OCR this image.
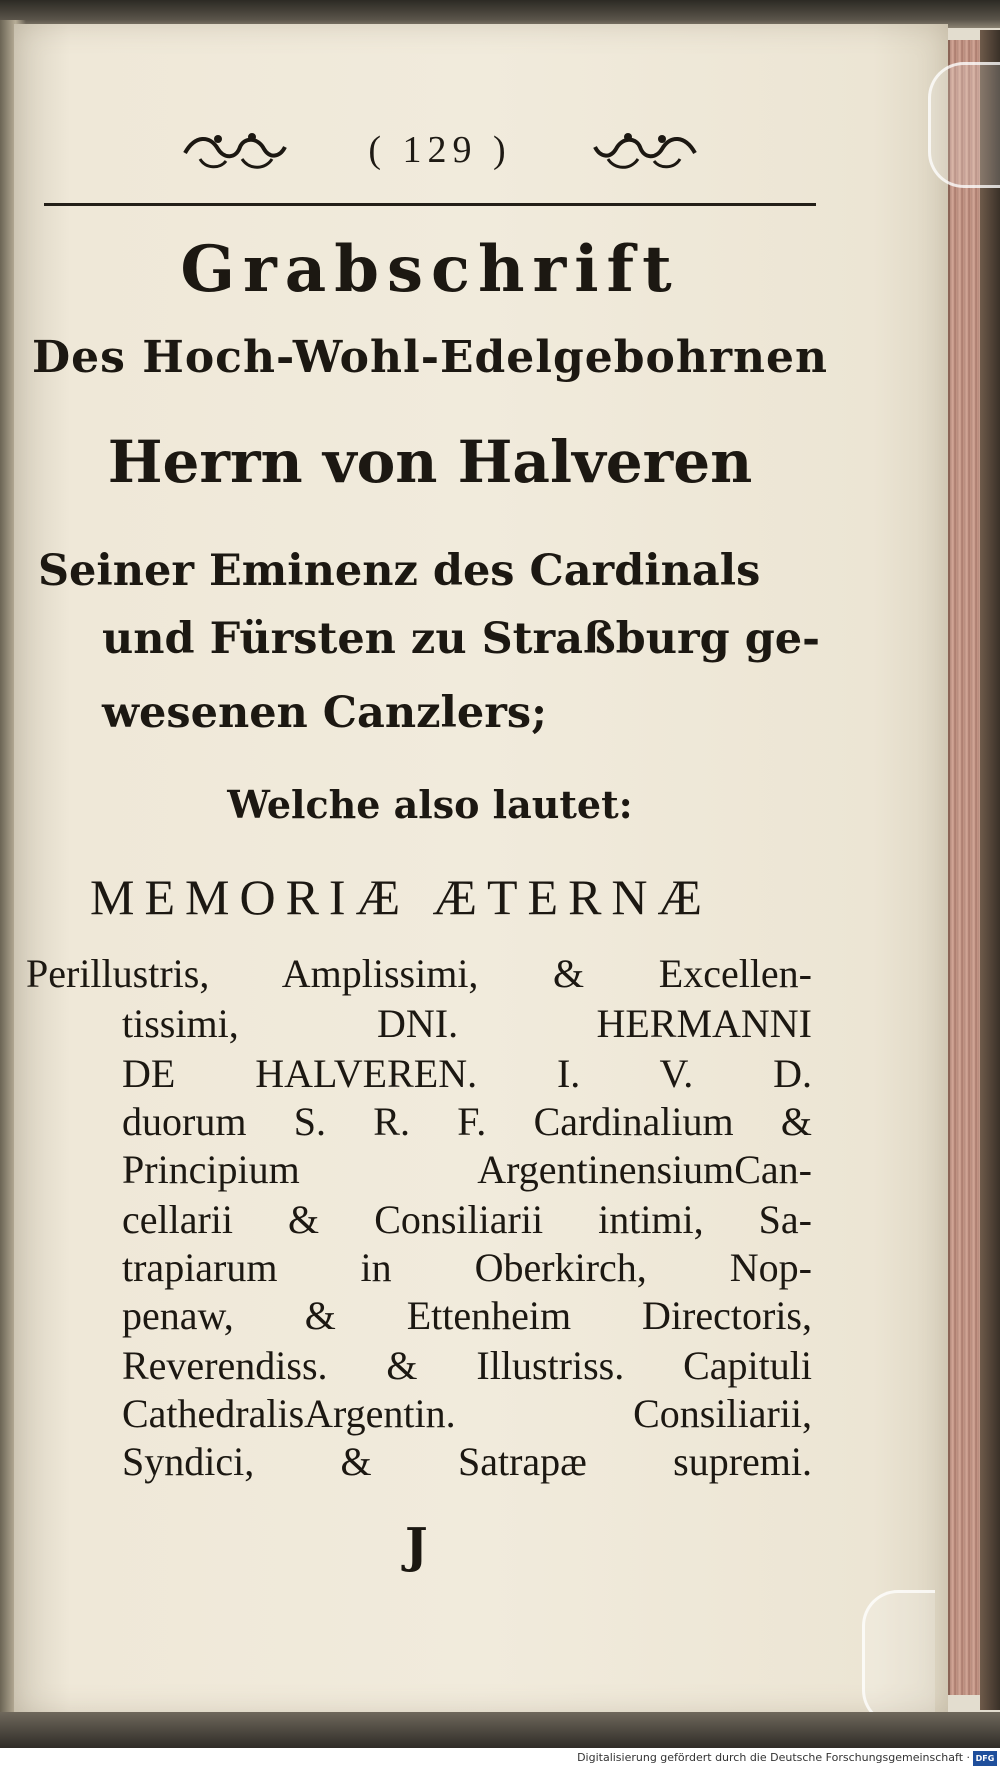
( 129 )
Grabschrift
Des Hoch-Wohl-Edelgebohrnen
Herrn von Halveren
Seiner Eminenz des Cardinals
und Fürsten zu Straßburg ge-
wesenen Canzlers;
Welche also lautet:
MEMORIÆ ÆTERNÆ
Perillustris, Amplissimi, & Excellen-
tissimi, DNI. HERMANNI
DE HALVEREN. I. V. D.
duorum S. R. F. Cardinalium &
Principium ArgentinensiumCan-
cellarii & Consiliarii intimi, Sa-
trapiarum in Oberkirch, Nop-
penaw, & Ettenheim Directoris,
Reverendiss. & Illustriss. Capituli
CathedralisArgentin. Consiliarii,
Syndici, & Satrapæ supremi.
J
Digitalisierung gefördert durch die Deutsche Forschungsgemeinschaft · DFG
